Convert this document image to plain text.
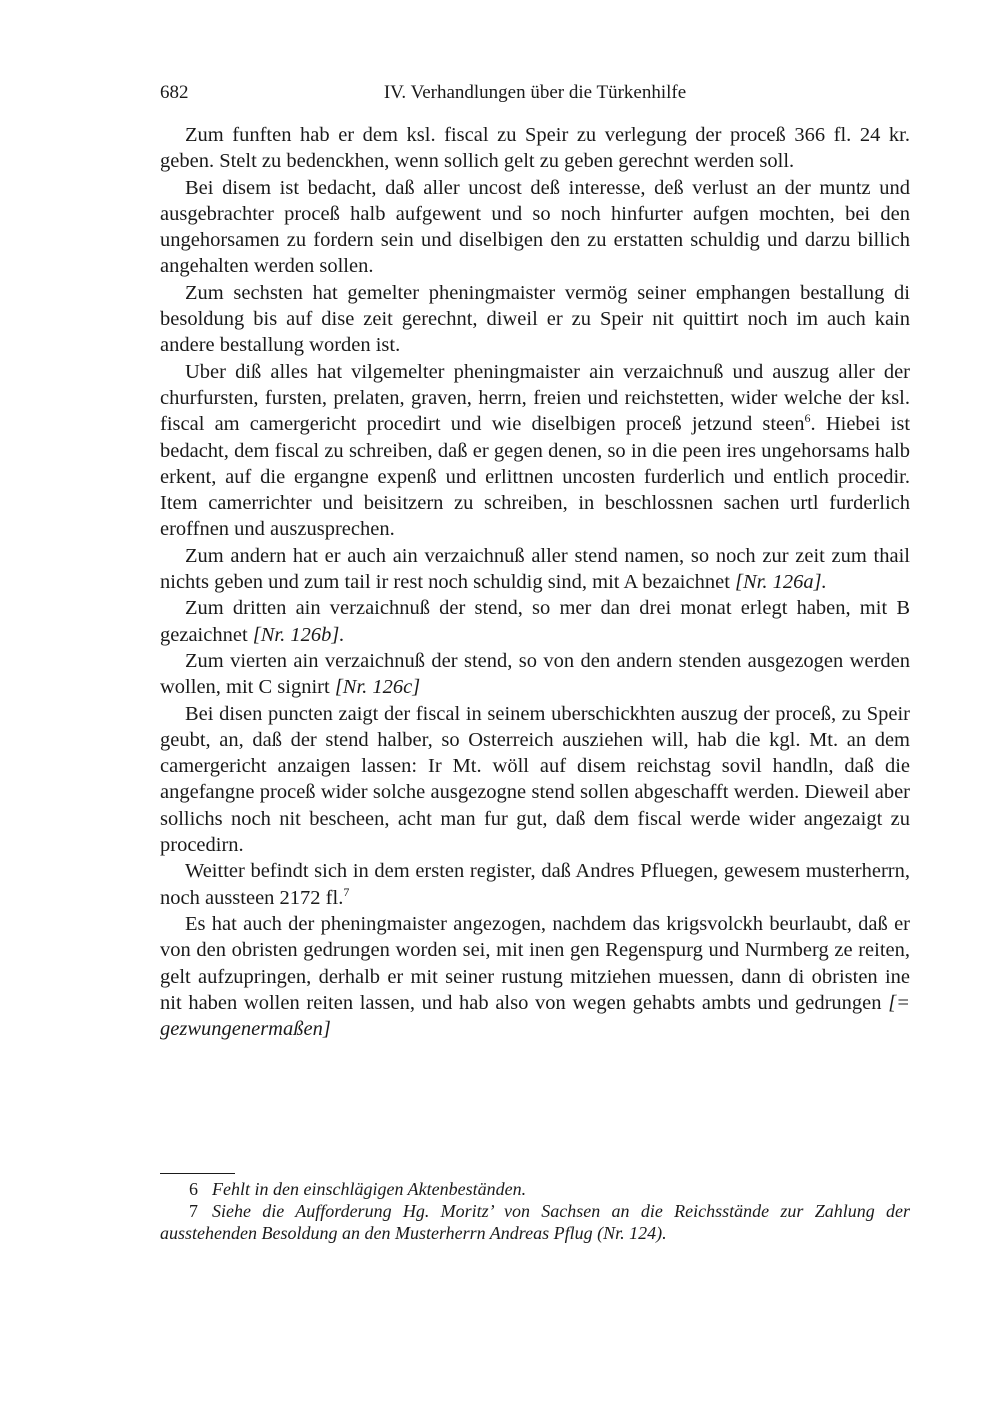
682	IV. Verhandlungen über die Türkenhilfe

Zum funften hab er dem ksl. fiscal zu Speir zu verlegung der proceß 366 fl. 24 kr. geben. Stelt zu bedenckhen, wenn sollich gelt zu geben gerechnt werden soll.

Bei disem ist bedacht, daß aller uncost deß interesse, deß verlust an der muntz und ausgebrachter proceß halb aufgewent und so noch hinfurter aufgen mochten, bei den ungehorsamen zu fordern sein und diselbigen den zu erstatten schuldig und darzu billich angehalten werden sollen.

Zum sechsten hat gemelter pheningmaister vermög seiner emphangen bestallung di besoldung bis auf dise zeit gerechnt, diweil er zu Speir nit quittirt noch im auch kain andere bestallung worden ist.

Uber diß alles hat vilgemelter pheningmaister ain verzaichnuß und auszug aller der churfursten, fursten, prelaten, graven, herrn, freien und reichstetten, wider welche der ksl. fiscal am camergericht procedirt und wie diselbigen proceß jetzund steen$^6$. Hiebei ist bedacht, dem fiscal zu schreiben, daß er gegen denen, so in die peen ires ungehorsams halb erkent, auf die ergangne expenß und erlittnen uncosten furderlich und entlich procedir. Item camerrichter und beisitzern zu schreiben, in beschlossnen sachen urtl furderlich eroffnen und auszusprechen.

Zum andern hat er auch ain verzaichnuß aller stend namen, so noch zur zeit zum thail nichts geben und zum tail ir rest noch schuldig sind, mit A bezaichnet [Nr. 126a].

Zum dritten ain verzaichnuß der stend, so mer dan drei monat erlegt haben, mit B gezaichnet [Nr. 126b].

Zum vierten ain verzaichnuß der stend, so von den andern stenden ausgezogen werden wollen, mit C signirt [Nr. 126c]

Bei disen puncten zaigt der fiscal in seinem uberschickhten auszug der proceß, zu Speir geubt, an, daß der stend halber, so Osterreich ausziehen will, hab die kgl. Mt. an dem camergericht anzaigen lassen: Ir Mt. wöll auf disem reichstag sovil handln, daß die angefangne proceß wider solche ausgezogne stend sollen abgeschafft werden. Dieweil aber sollichs noch nit bescheen, acht man fur gut, daß dem fiscal werde wider angezaigt zu procedirn.

Weitter befindt sich in dem ersten register, daß Andres Pfluegen, gewesem musterherrn, noch aussteen 2172 fl.$^7$

Es hat auch der pheningmaister angezogen, nachdem das krigsvolckh beurlaubt, daß er von den obristen gedrungen worden sei, mit inen gen Regenspurg und Nurmberg ze reiten, gelt aufzupringen, derhalb er mit seiner rustung mitziehen muessen, dann di obristen ine nit haben wollen reiten lassen, und hab also von wegen gehabts ambts und gedrungen [= gezwungenermaßen]

6 Fehlt in den einschlägigen Aktenbeständen.

7 Siehe die Aufforderung Hg. Moritz’ von Sachsen an die Reichsstände zur Zahlung der ausstehenden Besoldung an den Musterherrn Andreas Pflug (Nr. 124).
